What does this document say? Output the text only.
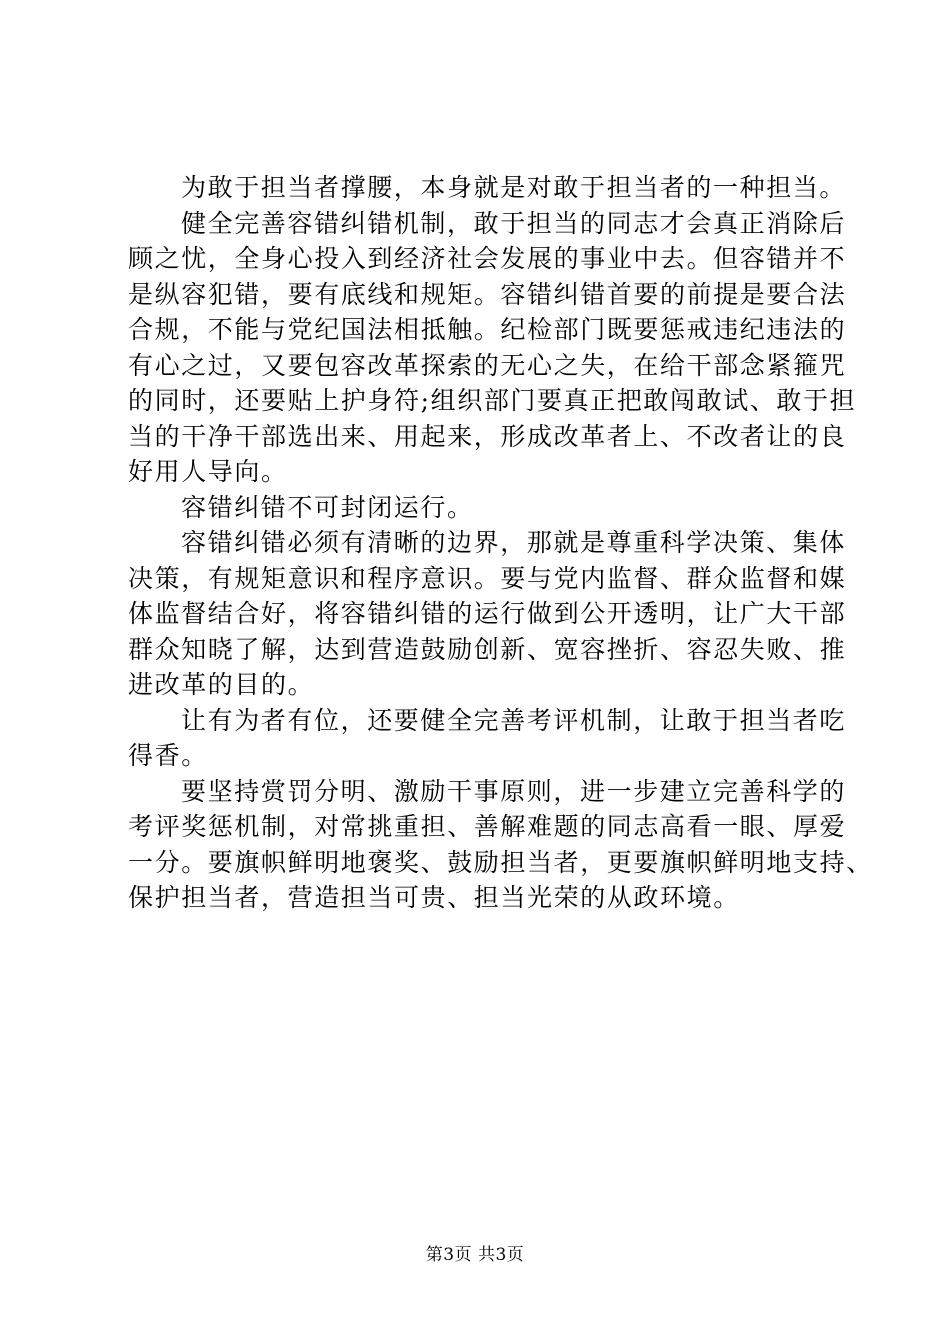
为敢于担当者撑腰，本身就是对敢于担当者的一种担当。
健全完善容错纠错机制，敢于担当的同志才会真正消除后
顾之忧，全身心投入到经济社会发展的事业中去。但容错并不
是纵容犯错，要有底线和规矩。容错纠错首要的前提是要合法
合规，不能与党纪国法相抵触。纪检部门既要惩戒违纪违法的
有心之过，又要包容改革探索的无心之失，在给干部念紧箍咒
的同时，还要贴上护身符;组织部门要真正把敢闯敢试、敢于担
当的干净干部选出来、用起来，形成改革者上、不改者让的良
好用人导向。
容错纠错不可封闭运行。
容错纠错必须有清晰的边界，那就是尊重科学决策、集体
决策，有规矩意识和程序意识。要与党内监督、群众监督和媒
体监督结合好，将容错纠错的运行做到公开透明，让广大干部
群众知晓了解，达到营造鼓励创新、宽容挫折、容忍失败、推
进改革的目的。
让有为者有位，还要健全完善考评机制，让敢于担当者吃
得香。
要坚持赏罚分明、激励干事原则，进一步建立完善科学的
考评奖惩机制，对常挑重担、善解难题的同志高看一眼、厚爱
一分。要旗帜鲜明地褒奖、鼓励担当者，更要旗帜鲜明地支持、
保护担当者，营造担当可贵、担当光荣的从政环境。
第3页 共3页
